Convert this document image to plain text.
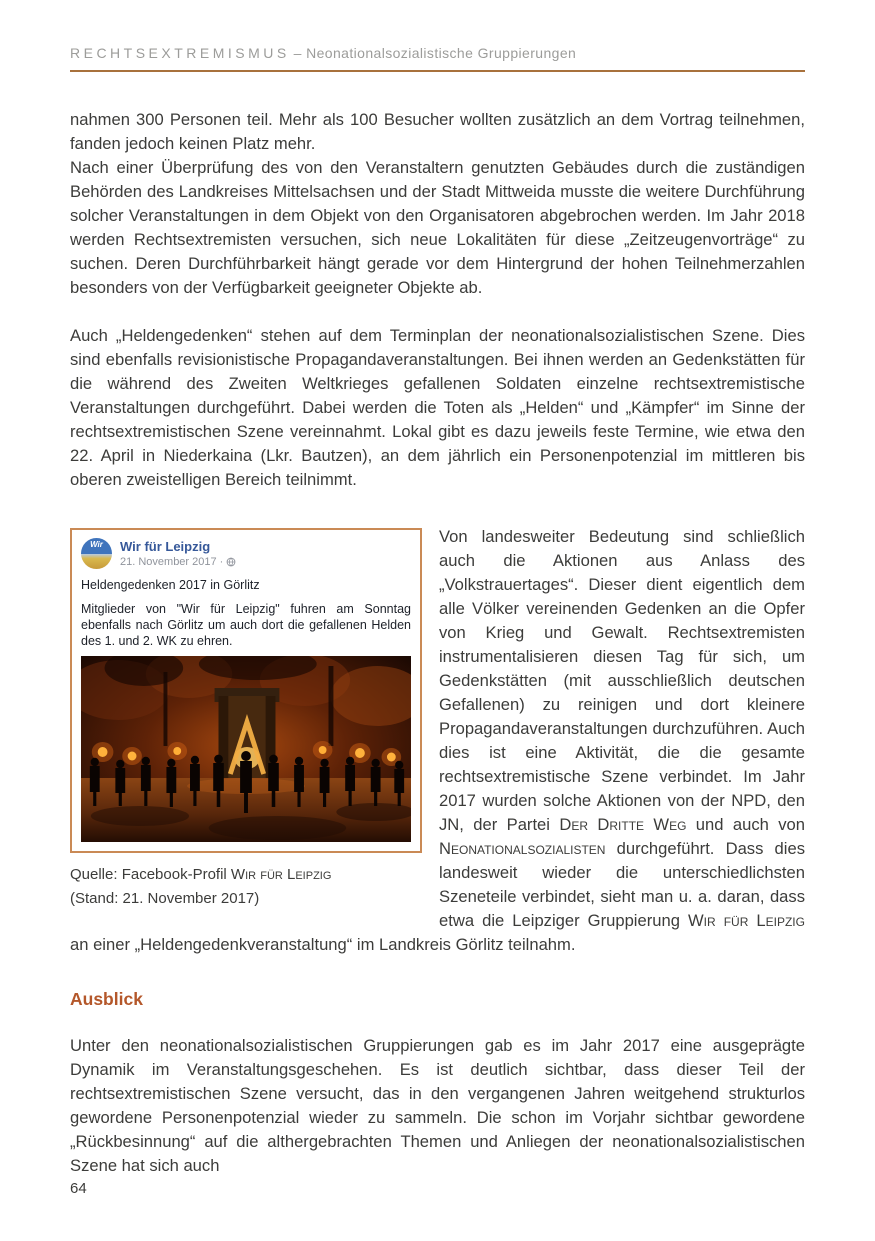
RECHTSEXTREMISMUS – Neonationalsozialistische Gruppierungen

nahmen 300 Personen teil. Mehr als 100 Besucher wollten zusätzlich an dem Vortrag teilnehmen, fanden jedoch keinen Platz mehr.

Nach einer Überprüfung des von den Veranstaltern genutzten Gebäudes durch die zuständigen Behörden des Landkreises Mittelsachsen und der Stadt Mittweida musste die weitere Durchführung solcher Veranstaltungen in dem Objekt von den Organisatoren abgebrochen werden. Im Jahr 2018 werden Rechtsextremisten versuchen, sich neue Lokalitäten für diese „Zeitzeugenvorträge“ zu suchen. Deren Durchführbarkeit hängt gerade vor dem Hintergrund der hohen Teilnehmerzahlen besonders von der Verfügbarkeit geeigneter Objekte ab.

Auch „Heldengedenken“ stehen auf dem Terminplan der neonationalsozialistischen Szene. Dies sind ebenfalls revisionistische Propagandaveranstaltungen. Bei ihnen werden an Gedenkstätten für die während des Zweiten Weltkrieges gefallenen Soldaten einzelne rechtsextremistische Veranstaltungen durchgeführt. Dabei werden die Toten als „Helden“ und „Kämpfer“ im Sinne der rechtsextremistischen Szene vereinnahmt. Lokal gibt es dazu jeweils feste Termine, wie etwa den 22. April in Niederkaina (Lkr. Bautzen), an dem jährlich ein Personenpotenzial im mittleren bis oberen zweistelligen Bereich teilnimmt.

Wir	Wir für Leipzig
21. November 2017 ·
Heldengedenken 2017 in Görlitz
Mitglieder von "Wir für Leipzig" fuhren am Sonntag ebenfalls nach Görlitz um auch dort die gefallenen Helden des 1. und 2. WK zu ehren.
Quelle: Facebook-Profil Wir für Leipzig
(Stand: 21. November 2017)

Von landesweiter Bedeutung sind schließlich auch die Aktionen aus Anlass des „Volkstrauertages“. Dieser dient eigentlich dem alle Völker vereinenden Gedenken an die Opfer von Krieg und Gewalt. Rechtsextremisten instrumentalisieren diesen Tag für sich, um Gedenkstätten (mit ausschließlich deutschen Gefallenen) zu reinigen und dort kleinere Propagandaveranstaltungen durchzuführen. Auch dies ist eine Aktivität, die die gesamte rechtsextremistische Szene verbindet. Im Jahr 2017 wurden solche Aktionen von der NPD, den JN, der Partei Der Dritte Weg und auch von Neonationalsozialisten durchgeführt. Dass dies landesweit wieder die unterschiedlichsten Szeneteile verbindet, sieht man u. a. daran, dass etwa die Leipziger Gruppierung Wir für Leipzig an einer „Heldengedenkveranstaltung“ im Landkreis Görlitz teilnahm.

Ausblick

Unter den neonationalsozialistischen Gruppierungen gab es im Jahr 2017 eine ausgeprägte Dynamik im Veranstaltungsgeschehen. Es ist deutlich sichtbar, dass dieser Teil der rechtsextremistischen Szene versucht, das in den vergangenen Jahren weitgehend strukturlos gewordene Personenpotenzial wieder zu sammeln. Die schon im Vorjahr sichtbar gewordene „Rückbesinnung“ auf die althergebrachten Themen und Anliegen der neonationalsozialistischen Szene hat sich auch

64
